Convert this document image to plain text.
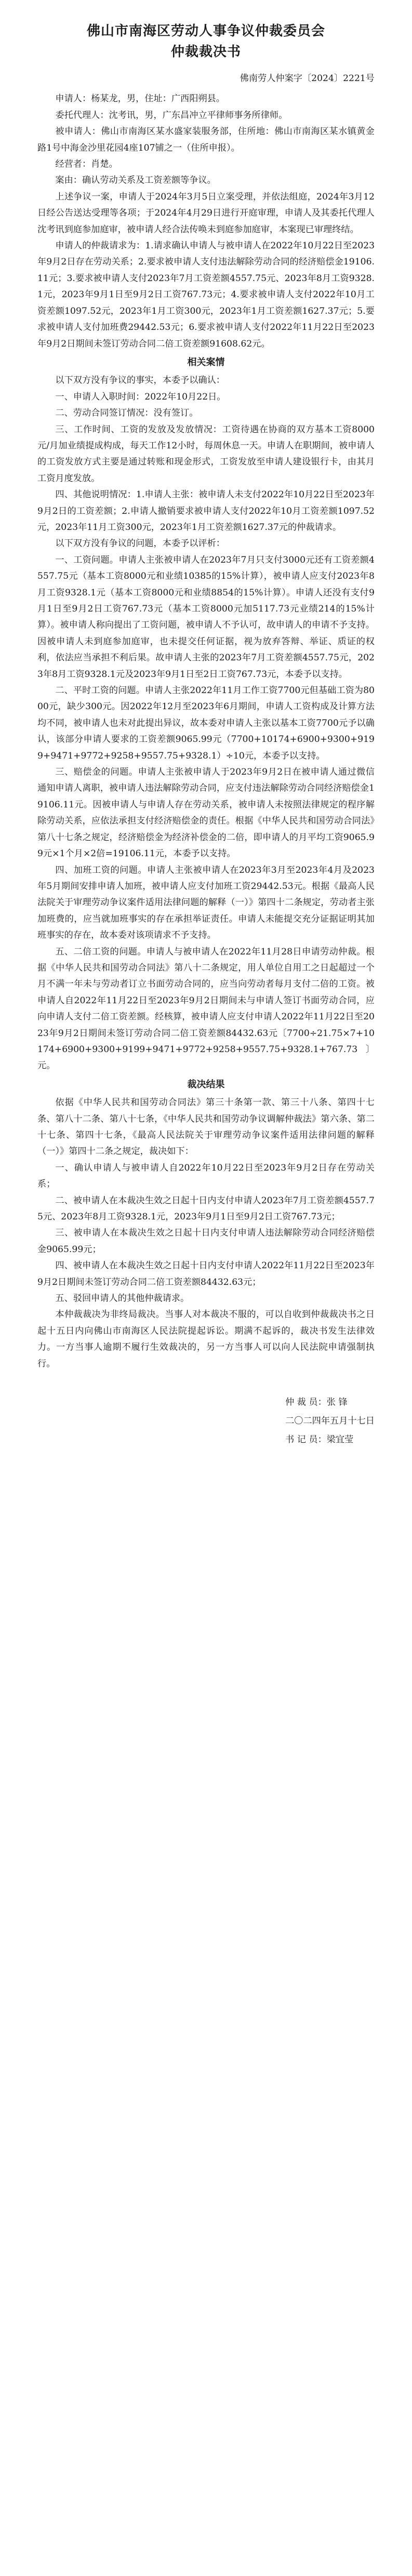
佛山市南海区劳动人事争议仲裁委员会
仲裁裁决书
佛南劳人仲案字〔2024〕2221号

申请人：杨某龙，男，住址：广西阳朔县。

委托代理人：沈考讯，男，广东昌冲立平律师事务所律师。

被申请人：佛山市南海区某水盛家装服务部，住所地：佛山市南海区某水镇黄金路1号中海金沙里花园4座107铺之一（住所申报）。

经营者：肖楚。

案由：确认劳动关系及工资差额等争议。

上述争议一案，申请人于2024年3月5日立案受理，并依法组庭，2024年3月12日经公告送达受理等各项；于2024年4月29日进行开庭审理，申请人及其委托代理人沈考讯到庭参加庭审，被申请人经合法传唤未到庭参加庭审，本案现已审理终结。

申请人的仲裁请求为：1.请求确认申请人与被申请人在2022年10月22日至2023年9月2日存在劳动关系；2.要求被申请人支付违法解除劳动合同的经济赔偿金19106.11元；3.要求被申请人支付2023年7月工资差额4557.75元、2023年8月工资9328.1元，2023年9月1日至9月2日工资767.73元；4.要求被申请人支付2022年10月工资差额1097.52元，2023年1月工资300元，2023年1月工资差额1627.37元；5.要求被申请人支付加班费29442.53元；6.要求被申请人支付2022年11月22日至2023年9月2日期间未签订劳动合同二倍工资差额91608.62元。

相关案情

以下双方没有争议的事实，本委予以确认：

一、申请人入职时间：2022年10月22日。

二、劳动合同签订情况：没有签订。

三、工作时间、工资的发放及发放情况：工资待遇在协商的双方基本工资8000元/月加业绩提成构成，每天工作12小时，每周休息一天。申请人在职期间，被申请人的工资发放方式主要是通过转账和现金形式，工资发放至申请人建设银行卡，由其月工资月度发放。

四、其他说明情况：1.申请人主张：被申请人未支付2022年10月22日至2023年9月2日的工资差额；2.申请人撤销要求被申请人支付2022年10月工资差额1097.52元，2023年11月工资300元，2023年1月工资差额1627.37元的仲裁请求。

以下双方没有争议的问题，本委予以评析：

一、工资问题。申请人主张被申请人在2023年7月只支付3000元还有工资差额4557.75元（基本工资8000元和业绩10385的15%计算），被申请人应支付2023年8月工资9328.1元（基本工资8000元和业绩8854的15%计算）。申请人还没有支付9月1日至9月2日工资767.73元（基本工资8000元加5117.73元业绩214的15%计算）。被申请人称向提出了工资问题，被申请人不予认可，故申请人的申请不予支持。因被申请人未到庭参加庭审，也未提交任何证据，视为放弃答辩、举证、质证的权利，依法应当承担不利后果。故申请人主张的2023年7月工资差额4557.75元，2023年8月工资9328.1元及2023年9月1日至2日工资767.73元，本委予以支持。

二、平时工资的问题。申请人主张2022年11月工作工资7700元但基础工资为8000元，缺少300元。因2022年12月至2023年6月期间，申请人工资构成及计算方法均不同，被申请人也未对此提出异议，故本委对申请人主张以基本工资7700元予以确认，该部分申请人要求的工资差额9065.99元（7700+10174+6900+9300+9199+9471+9772+9258+9557.75+9328.1）÷10元，本委予以支持。

三、赔偿金的问题。申请人主张被申请人于2023年9月2日在被申请人通过微信通知申请人离职，被申请人违法解除劳动合同，应支付违法解除劳动合同经济赔偿金19106.11元。因被申请人与申请人存在劳动关系，被申请人未按照法律规定的程序解除劳动关系，应依法承担支付经济赔偿金的责任。根据《中华人民共和国劳动合同法》第八十七条之规定，经济赔偿金为经济补偿金的二倍，即申请人的月平均工资9065.99元×1个月×2倍=19106.11元，本委予以支持。

四、加班工资的问题。申请人主张被申请人在2023年3月至2023年4月及2023年5月期间安排申请人加班，被申请人应支付加班工资29442.53元。根据《最高人民法院关于审理劳动争议案件适用法律问题的解释（一）》第四十二条规定，劳动者主张加班费的，应当就加班事实的存在承担举证责任。申请人未能提交充分证据证明其加班事实的存在，故本委对该项请求不予支持。

五、二倍工资的问题。申请人与被申请人在2022年11月28日申请劳动仲裁。根据《中华人民共和国劳动合同法》第八十二条规定，用人单位自用工之日起超过一个月不满一年未与劳动者订立书面劳动合同的，应当向劳动者每月支付二倍的工资。被申请人自2022年11月22日至2023年9月2日期间未与申请人签订书面劳动合同，应向申请人支付二倍工资差额。经核算，被申请人应支付申请人2022年11月22日至2023年9月2日期间未签订劳动合同二倍工资差额84432.63元〔7700÷21.75×7+10174+6900+9300+9199+9471+9772+9258+9557.75+9328.1+767.73〕元。

裁决结果

依据《中华人民共和国劳动合同法》第三十条第一款、第三十八条、第四十七条、第八十二条、第八十七条，《中华人民共和国劳动争议调解仲裁法》第六条、第二十七条、第四十七条，《最高人民法院关于审理劳动争议案件适用法律问题的解释（一）》第四十二条之规定，裁决如下：

一、确认申请人与被申请人自2022年10月22日至2023年9月2日存在劳动关系；

二、被申请人在本裁决生效之日起十日内支付申请人2023年7月工资差额4557.75元、2023年8月工资9328.1元，2023年9月1日至9月2日工资767.73元；

三、被申请人在本裁决生效之日起十日内支付申请人违法解除劳动合同经济赔偿金9065.99元；

四、被申请人在本裁决生效之日起十日内支付申请人2022年11月22日至2023年9月2日期间未签订劳动合同二倍工资差额84432.63元；

五、驳回申请人的其他仲裁请求。

本仲裁裁决为非终局裁决。当事人对本裁决不服的，可以自收到仲裁裁决书之日起十五日内向佛山市南海区人民法院提起诉讼。期满不起诉的，裁决书发生法律效力。一方当事人逾期不履行生效裁决的，另一方当事人可以向人民法院申请强制执行。

仲 裁 员：张 锋

二〇二四年五月十七日

书 记 员：梁宜莹
